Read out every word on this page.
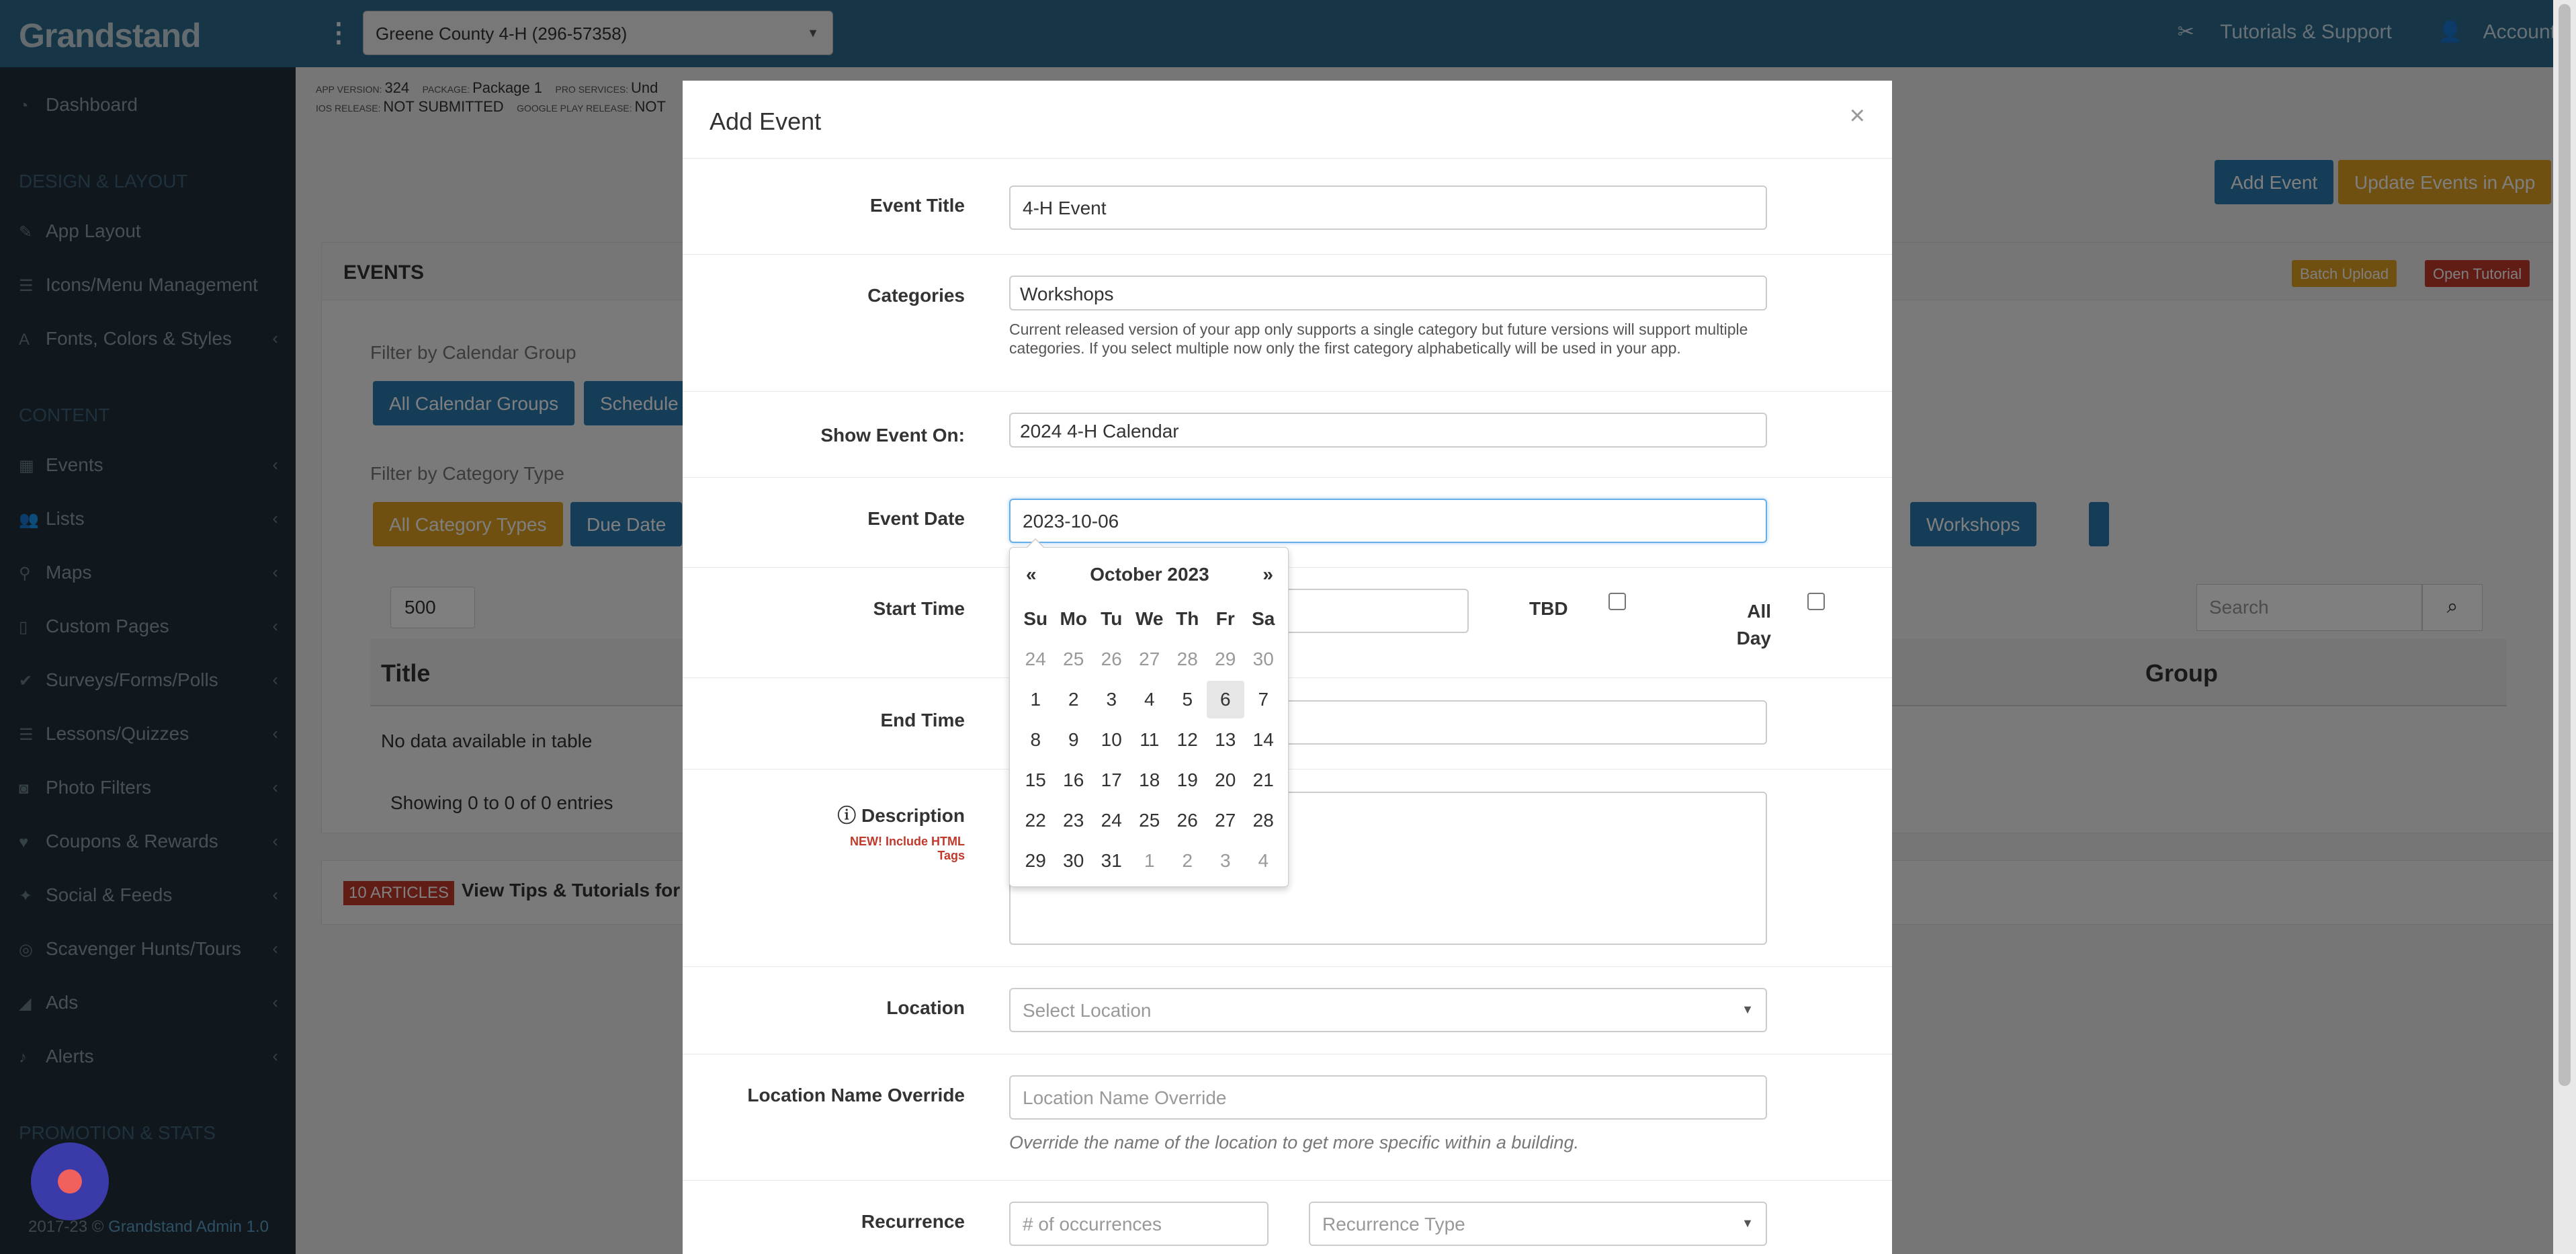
Add Event	×
Event Title	4-H Event
Categories	Workshops
Current released version of your app only supports a single category but future versions will support multiple categories. If you select multiple now only the first category alphabetically will be used in your app.
Show Event On:	2024 4-H Calendar
Event Date	2023-10-06
Start Time	TBD	All Day
End Time
ⓘ Description
NEW! Include HTML Tags
Location	Select Location	▼
Location Name Override	Location Name Override
Override the name of the location to get more specific within a building.
Recurrence	# of occurrences	Recurrence Type	▼
October 2023
«	»
Su Mo Tu We Th Fr Sa
24 25 26 27 28 29 30
1	2	3	4	5	6	7
8	9	10 11 12 13 14
15 16 17 18 19 20 21
22 23 24 25 26 27 28
29 30 31	1	2	3	4
